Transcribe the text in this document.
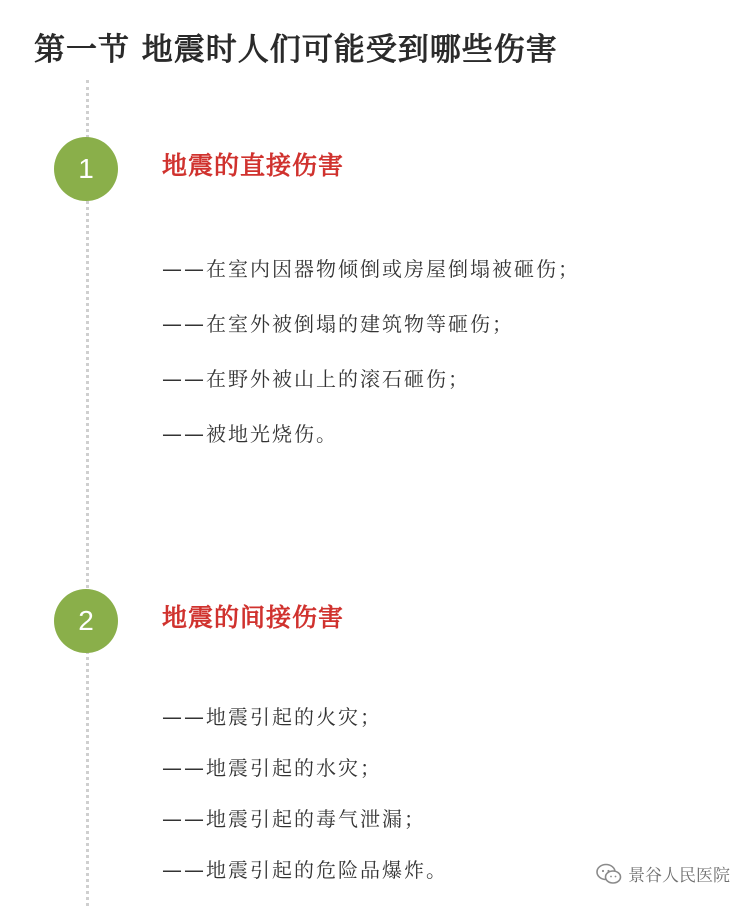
第一节 地震时人们可能受到哪些伤害
1	地震的直接伤害
——在室内因器物倾倒或房屋倒塌被砸伤；
——在室外被倒塌的建筑物等砸伤；
——在野外被山上的滚石砸伤；
——被地光烧伤。
2	地震的间接伤害
——地震引起的火灾；
——地震引起的水灾；
——地震引起的毒气泄漏；
——地震引起的危险品爆炸。	景谷人民医院
